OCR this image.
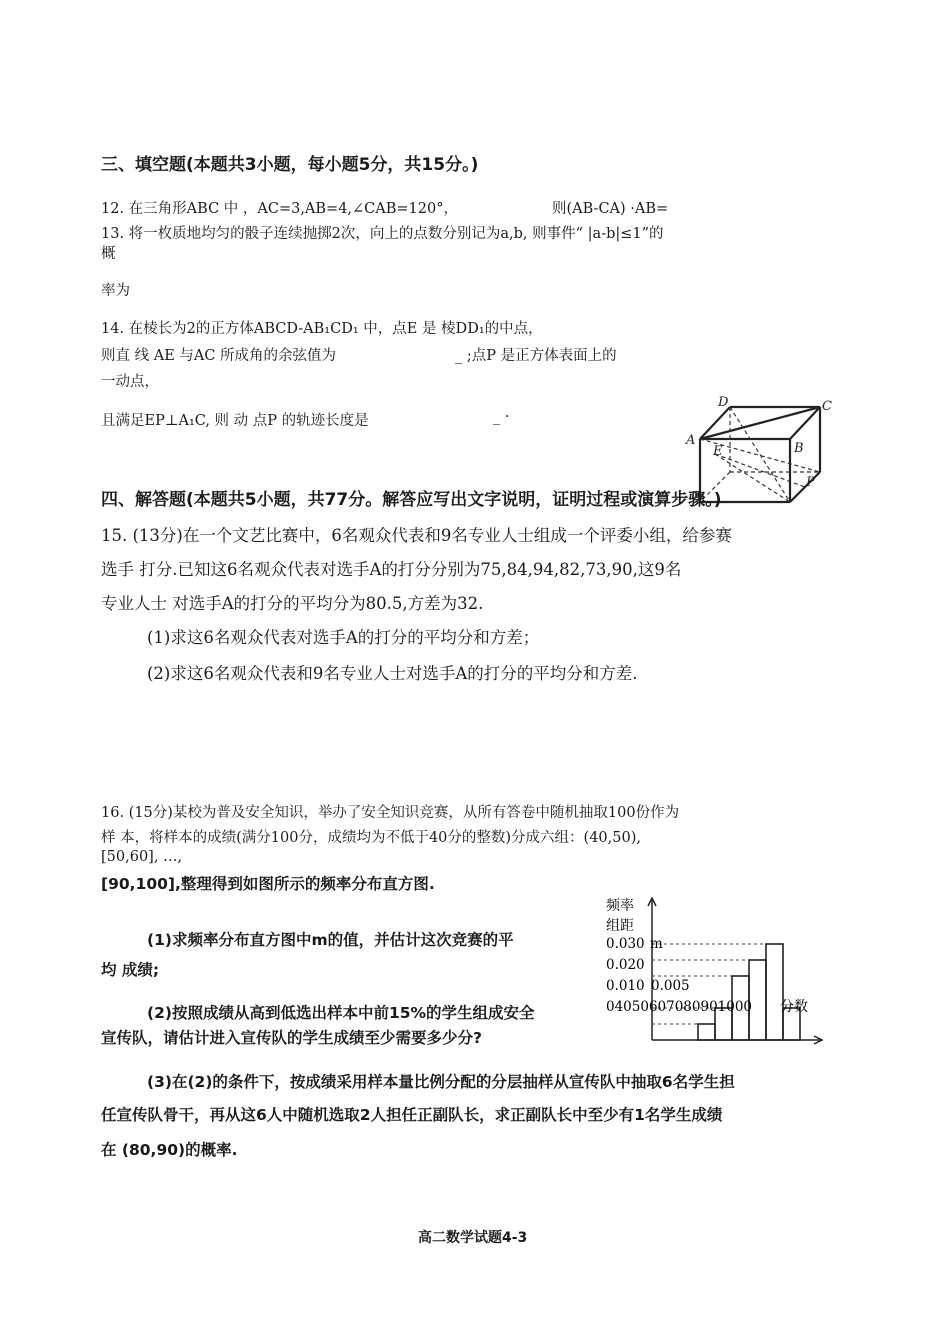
三、填空题(本题共3小题，每小题5分，共15分。)
12. 在三角形ABC 中 ，AC=3,AB=4,∠CAB=120°，	则(AB-CA) ·AB=
13. 将一枚质地均匀的骰子连续抛掷2次，向上的点数分别记为a,b, 则事件“ |a-b|≤1”的
概
率为
14. 在棱长为2的正方体ABCD-AB₁CD₁ 中，点E 是 棱DD₁的中点，
则直 线 AE 与AC 所成角的余弦值为	_ ;点P 是正方体表面上的
一动点，
且满足EP⊥A₁C, 则 动 点P 的轨迹长度是	_ ·
D	C
A
E	B
P
四、解答题(本题共5小题，共77分。解答应写出文字说明，证明过程或演算步骤。)
15. (13分)在一个文艺比赛中，6名观众代表和9名专业人士组成一个评委小组，给参赛
选手 打分.已知这6名观众代表对选手A的打分分别为75,84,94,82,73,90,这9名
专业人士 对选手A的打分的平均分为80.5,方差为32.
(1)求这6名观众代表对选手A的打分的平均分和方差；
(2)求这6名观众代表和9名专业人士对选手A的打分的平均分和方差.
16. (15分)某校为普及安全知识，举办了安全知识竞赛，从所有答卷中随机抽取100份作为
样 本，将样本的成绩(满分100分，成绩均为不低于40分的整数)分成六组：(40,50),
[50,60], …,
[90,100],整理得到如图所示的频率分布直方图.
(1)求频率分布直方图中m的值，并估计这次竞赛的平
均 成绩;
(2)按照成绩从高到低选出样本中前15%的学生组成安全
宣传队，请估计进入宣传队的学生成绩至少需要多少分?
(3)在(2)的条件下，按成绩采用样本量比例分配的分层抽样从宣传队中抽取6名学生担
任宣传队骨干，再从这6人中随机选取2人担任正副队长，求正副队长中至少有1名学生成绩
在 (80,90)的概率.
频率
组距
0.030 m
0.020
0.010 0.005
04050607080901000 分数
高二数学试题4-3
